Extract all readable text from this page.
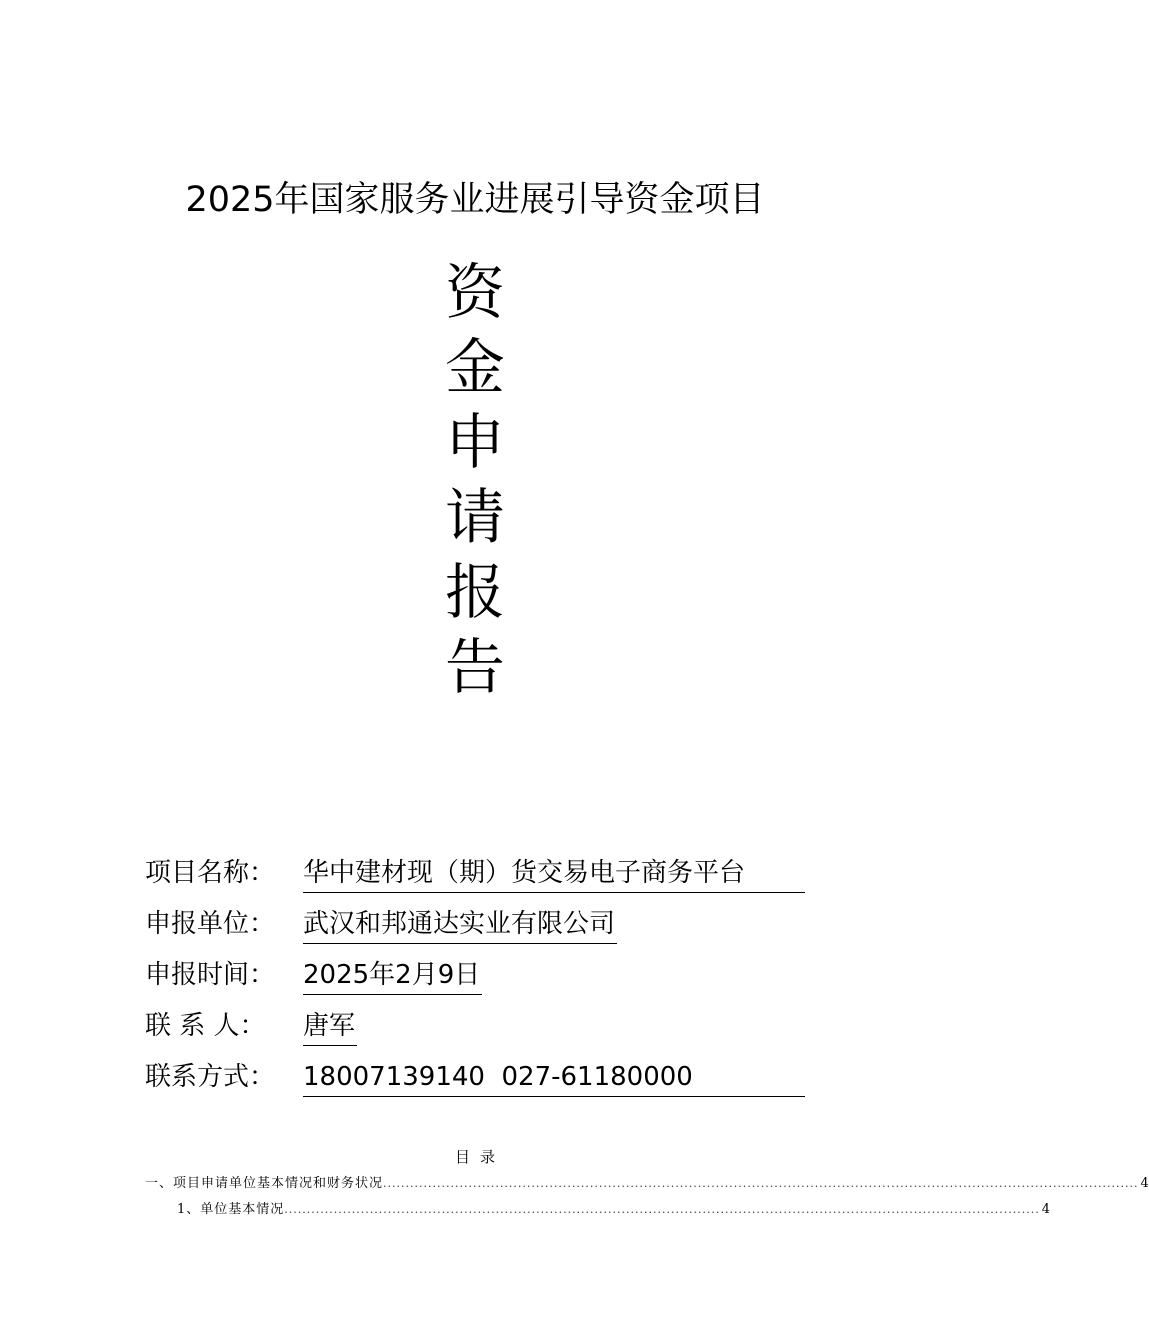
2025年国家服务业进展引导资金项目
资
金
申
请
报
告
项目名称： 华中建材现（期）货交易电子商务平台
申报单位： 武汉和邦通达实业有限公司
申报时间： 2025年2月9日
联 系 人： 唐军
联系方式： 18007139140  027-61180000
目录
一、项目申请单位基本情况和财务状况 ........................................................................................................................................................................ 4
1、单位基本情况 ........................................................................................................................................................................ 4
